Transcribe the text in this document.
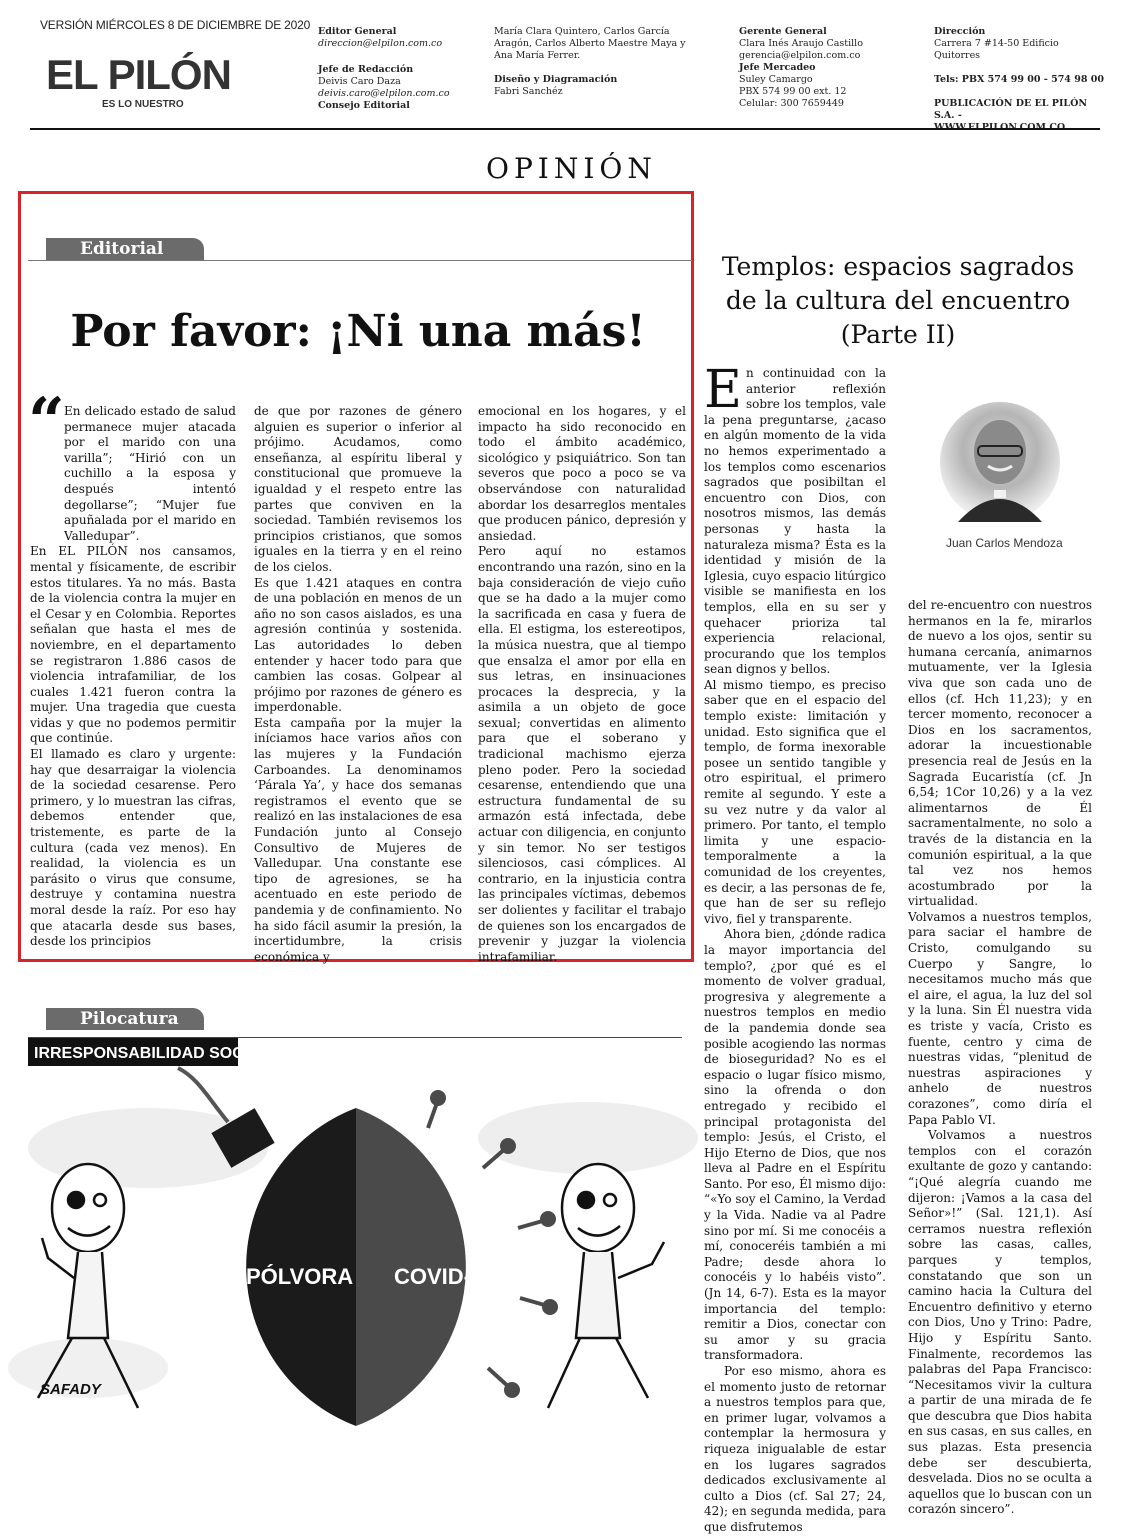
VERSIÓN MIÉRCOLES 8 DE DICIEMBRE DE 2020
EL PILÓN
ES LO NUESTRO
Editor General
direccion@elpilon.com.co
Jefe de Redacción
Deivis Caro Daza
deivis.caro@elpilon.com.co
Consejo Editorial
María Clara Quintero, Carlos García Aragón, Carlos Alberto Maestre Maya y Ana María Ferrer.
Diseño y Diagramación
Fabri Sanchéz
Gerente General
Clara Inés Araujo Castillo
gerencia@elpilon.com.co
Jefe Mercadeo
Suley Camargo
PBX 574 99 00 ext. 12
Celular: 300 7659449
Dirección
Carrera 7 #14-50 Edificio Quitorres
Tels: PBX 574 99 00 - 574 98 00
PUBLICACIÓN DE EL PILÓN S.A. -
OPINIÓN
Editorial
Por favor: ¡Ni una más!
“ En delicado estado de salud permanece mujer atacada por el marido con una varilla”; “Hirió con un cuchillo a la esposa y después intentó degollarse”; “Mujer fue apuñalada por el marido en Valledupar”.

En EL PILÓN nos cansamos, mental y físicamente, de escribir estos titulares. Ya no más. Basta de la violencia contra la mujer en el Cesar y en Colombia. Reportes señalan que hasta el mes de noviembre, en el departamento se registraron 1.886 casos de violencia intrafamiliar, de los cuales 1.421 fueron contra la mujer. Una tragedia que cuesta vidas y que no podemos permitir que continúe.

El llamado es claro y urgente: hay que desarraigar la violencia de la sociedad cesarense. Pero primero, y lo muestran las cifras, debemos entender que, tristemente, es parte de la cultura (cada vez menos). En realidad, la violencia es un parásito o virus que consume, destruye y contamina nuestra moral desde la raíz. Por eso hay que atacarla desde sus bases, desde los principios

de que por razones de género alguien es superior o inferior al prójimo. Acudamos, como enseñanza, al espíritu liberal y constitucional que promueve la igualdad y el respeto entre las partes que conviven en la sociedad. También revisemos los principios cristianos, que somos iguales en la tierra y en el reino de los cielos.

Es que 1.421 ataques en contra de una población en menos de un año no son casos aislados, es una agresión continúa y sostenida. Las autoridades lo deben entender y hacer todo para que cambien las cosas. Golpear al prójimo por razones de género es imperdonable.

Esta campaña por la mujer la iníciamos hace varios años con las mujeres y la Fundación Carboandes. La denominamos ‘Párala Ya’, y hace dos semanas registramos el evento que se realizó en las instalaciones de esa Fundación junto al Consejo Consultivo de Mujeres de Valledupar. Una constante ese tipo de agresiones, se ha acentuado en este periodo de pandemia y de confinamiento. No ha sido fácil asumir la presión, la incertidumbre, la crisis económica y

emocional en los hogares, y el impacto ha sido reconocido en todo el ámbito académico, sicológico y psiquiátrico. Son tan severos que poco a poco se va observándose con naturalidad abordar los desarreglos mentales que producen pánico, depresión y ansiedad.

Pero aquí no estamos encontrando una razón, sino en la baja consideración de viejo cuño que se ha dado a la mujer como la sacrificada en casa y fuera de ella. El estigma, los estereotipos, la música nuestra, que al tiempo que ensalza el amor por ella en sus letras, en insinuaciones procaces la desprecia, y la asimila a un objeto de goce sexual; convertidas en alimento para que el soberano y tradicional machismo ejerza pleno poder. Pero la sociedad cesarense, entendiendo que una estructura fundamental de su armazón está infectada, debe actuar con diligencia, en conjunto y sin temor. No ser testigos silenciosos, casi cómplices. Al contrario, en la injusticia contra las principales víctimas, debemos ser dolientes y facilitar el trabajo de quienes son los encargados de prevenir y juzgar la violencia intrafamiliar.

Pilocatura
IRRESPONSABILIDAD SOCIAL...
PÓLVORA COVID-19
SAFADY
Templos: espacios sagrados
de la cultura del encuentro
(Parte II)

En continuidad con la anterior reflexión sobre los templos, vale la pena preguntarse, ¿acaso en algún momento de la vida no hemos experimentado a los templos como escenarios sagrados que posibiltan el encuentro con Dios, con nosotros mismos, las demás personas y hasta la naturaleza misma? Ésta es la identidad y misión de la Iglesia, cuyo espacio litúrgico visible se manifiesta en los templos, ella en su ser y quehacer prioriza tal experiencia relacional, procurando que los templos sean dignos y bellos.

Al mismo tiempo, es preciso saber que en el espacio del templo existe: limitación y unidad. Esto significa que el templo, de forma inexorable posee un sentido tangible y otro espiritual, el primero remite al segundo. Y este a su vez nutre y da valor al primero. Por tanto, el templo limita y une espacio-temporalmente a la comunidad de los creyentes, es decir, a las personas de fe, que han de ser su reflejo vivo, fiel y transparente.

Ahora bien, ¿dónde radica la mayor importancia del templo?, ¿por qué es el momento de volver gradual, progresiva y alegremente a nuestros templos en medio de la pandemia donde sea posible acogiendo las normas de bioseguridad? No es el espacio o lugar físico mismo, sino la ofrenda o don entregado y recibido el principal protagonista del templo: Jesús, el Cristo, el Hijo Eterno de Dios, que nos lleva al Padre en el Espíritu Santo. Por eso, Él mismo dijo: “«Yo soy el Camino, la Verdad y la Vida. Nadie va al Padre sino por mí. Si me conocéis a mí, conoceréis también a mi Padre; desde ahora lo conocéis y lo habéis visto”. (Jn 14, 6-7). Esta es la mayor importancia del templo: remitir a Dios, conectar con su amor y su gracia transformadora.

Por eso mismo, ahora es el momento justo de retornar a nuestros templos para que, en primer lugar, volvamos a contemplar la hermosura y riqueza inigualable de estar en los lugares sagrados dedicados exclusivamente al culto a Dios (cf. Sal 27; 24, 42); en segunda medida, para que disfrutemos

Juan Carlos Mendoza

del re-encuentro con nuestros hermanos en la fe, mirarlos de nuevo a los ojos, sentir su humana cercanía, animarnos mutuamente, ver la Iglesia viva que son cada uno de ellos (cf. Hch 11,23); y en tercer momento, reconocer a Dios en los sacramentos, adorar la incuestionable presencia real de Jesús en la Sagrada Eucaristía (cf. Jn 6,54; 1Cor 10,26) y a la vez alimentarnos de Él sacramentalmente, no solo a través de la distancia en la comunión espiritual, a la que tal vez nos hemos acostumbrado por la virtualidad.

Volvamos a nuestros templos, para saciar el hambre de Cristo, comulgando su Cuerpo y Sangre, lo necesitamos mucho más que el aire, el agua, la luz del sol y la luna. Sin Él nuestra vida es triste y vacía, Cristo es fuente, centro y cima de nuestras vidas, “plenitud de nuestras aspiraciones y anhelo de nuestros corazones”, como diría el Papa Pablo VI.

Volvamos a nuestros templos con el corazón exultante de gozo y cantando: “¡Qué alegría cuando me dijeron: ¡Vamos a la casa del Señor»!” (Sal. 121,1). Así cerramos nuestra reflexión sobre las casas, calles, parques y templos, constatando que son un camino hacia la Cultura del Encuentro definitivo y eterno con Dios, Uno y Trino: Padre, Hijo y Espíritu Santo. Finalmente, recordemos las palabras del Papa Francisco: “Necesitamos vivir la cultura a partir de una mirada de fe que descubra que Dios habita en sus casas, en sus calles, en sus plazas. Esta presencia debe ser descubierta, desvelada. Dios no se oculta a aquellos que lo buscan con un corazón sincero”.
